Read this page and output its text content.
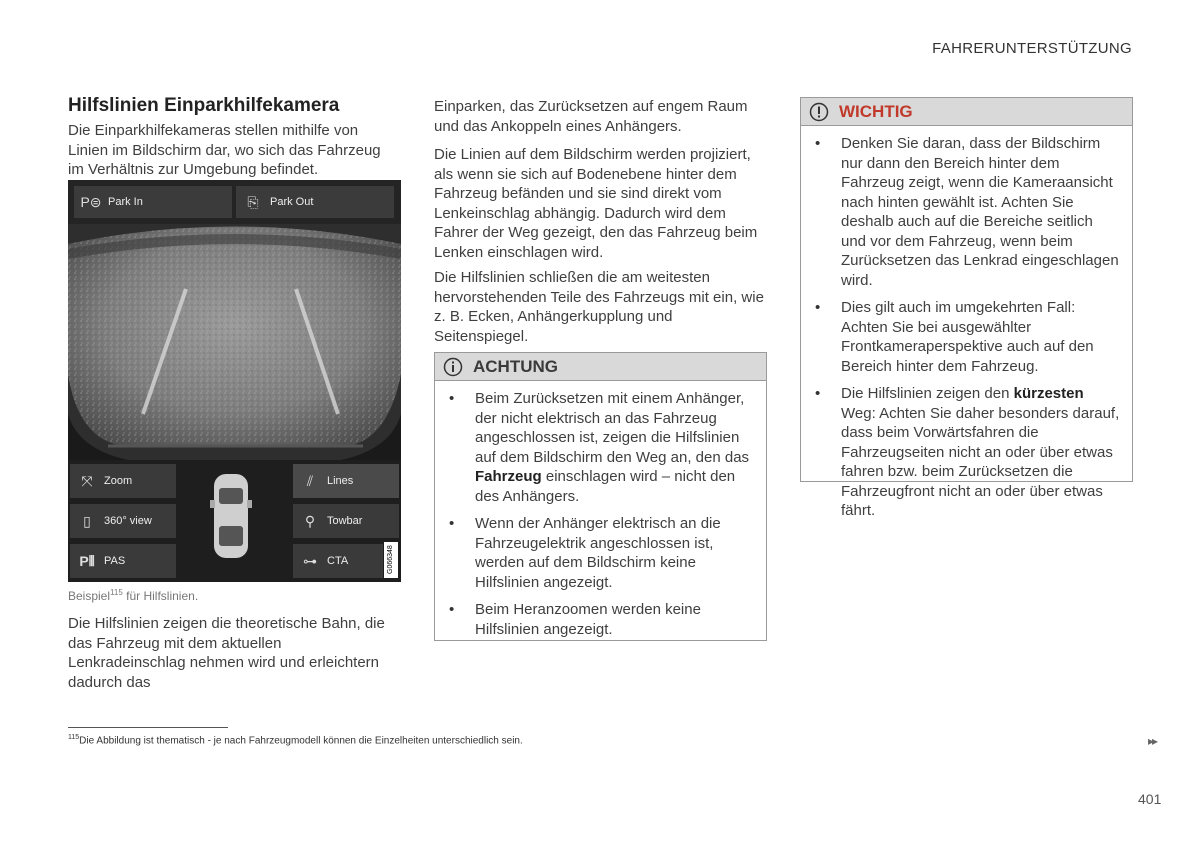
FAHRERUNTERSTÜTZUNG
Hilfslinien Einparkhilfekamera
Die Einparkhilfekameras stellen mithilfe von Linien im Bildschirm dar, wo sich das Fahrzeug im Verhältnis zur Umgebung befindet.
P⊜ Park In	⎘	Park Out
⤧	Zoom
▯	360° view
P⫴ PAS
⫽	Lines
⚲	Towbar
⊶ CTA	G066348
Beispiel$^{115}$ für Hilfslinien.
Die Hilfslinien zeigen die theoretische Bahn, die das Fahrzeug mit dem aktuellen Lenkradeinschlag nehmen wird und erleichtern dadurch das
Einparken, das Zurücksetzen auf engem Raum und das Ankoppeln eines Anhängers.
Die Linien auf dem Bildschirm werden projiziert, als wenn sie sich auf Bodenebene hinter dem Fahrzeug befänden und sie sind direkt vom Lenkeinschlag abhängig. Dadurch wird dem Fahrer der Weg gezeigt, den das Fahrzeug beim Lenken einschlagen wird.
Die Hilfslinien schließen die am weitesten hervorstehenden Teile des Fahrzeugs mit ein, wie z. B. Ecken, Anhängerkupplung und Seitenspiegel.
ACHTUNG
• Beim Zurücksetzen mit einem Anhänger, der nicht elektrisch an das Fahrzeug angeschlossen ist, zeigen die Hilfslinien auf dem Bildschirm den Weg an, den das Fahrzeug einschlagen wird – nicht den des Anhängers.
• Wenn der Anhänger elektrisch an die Fahrzeugelektrik angeschlossen ist, werden auf dem Bildschirm keine Hilfslinien angezeigt.
• Beim Heranzoomen werden keine Hilfslinien angezeigt.
WICHTIG
• Denken Sie daran, dass der Bildschirm nur dann den Bereich hinter dem Fahrzeug zeigt, wenn die Kameraansicht nach hinten gewählt ist. Achten Sie deshalb auch auf die Bereiche seitlich und vor dem Fahrzeug, wenn beim Zurücksetzen das Lenkrad eingeschlagen wird.
• Dies gilt auch im umgekehrten Fall: Achten Sie bei ausgewählter Frontkameraperspektive auch auf den Bereich hinter dem Fahrzeug.
• Die Hilfslinien zeigen den kürzesten Weg: Achten Sie daher besonders darauf, dass beim Vorwärtsfahren die Fahrzeugseiten nicht an oder über etwas fahren bzw. beim Zurücksetzen die Fahrzeugfront nicht an oder über etwas fährt.
$^{115}$Die Abbildung ist thematisch - je nach Fahrzeugmodell können die Einzelheiten unterschiedlich sein.	▸▸
401
